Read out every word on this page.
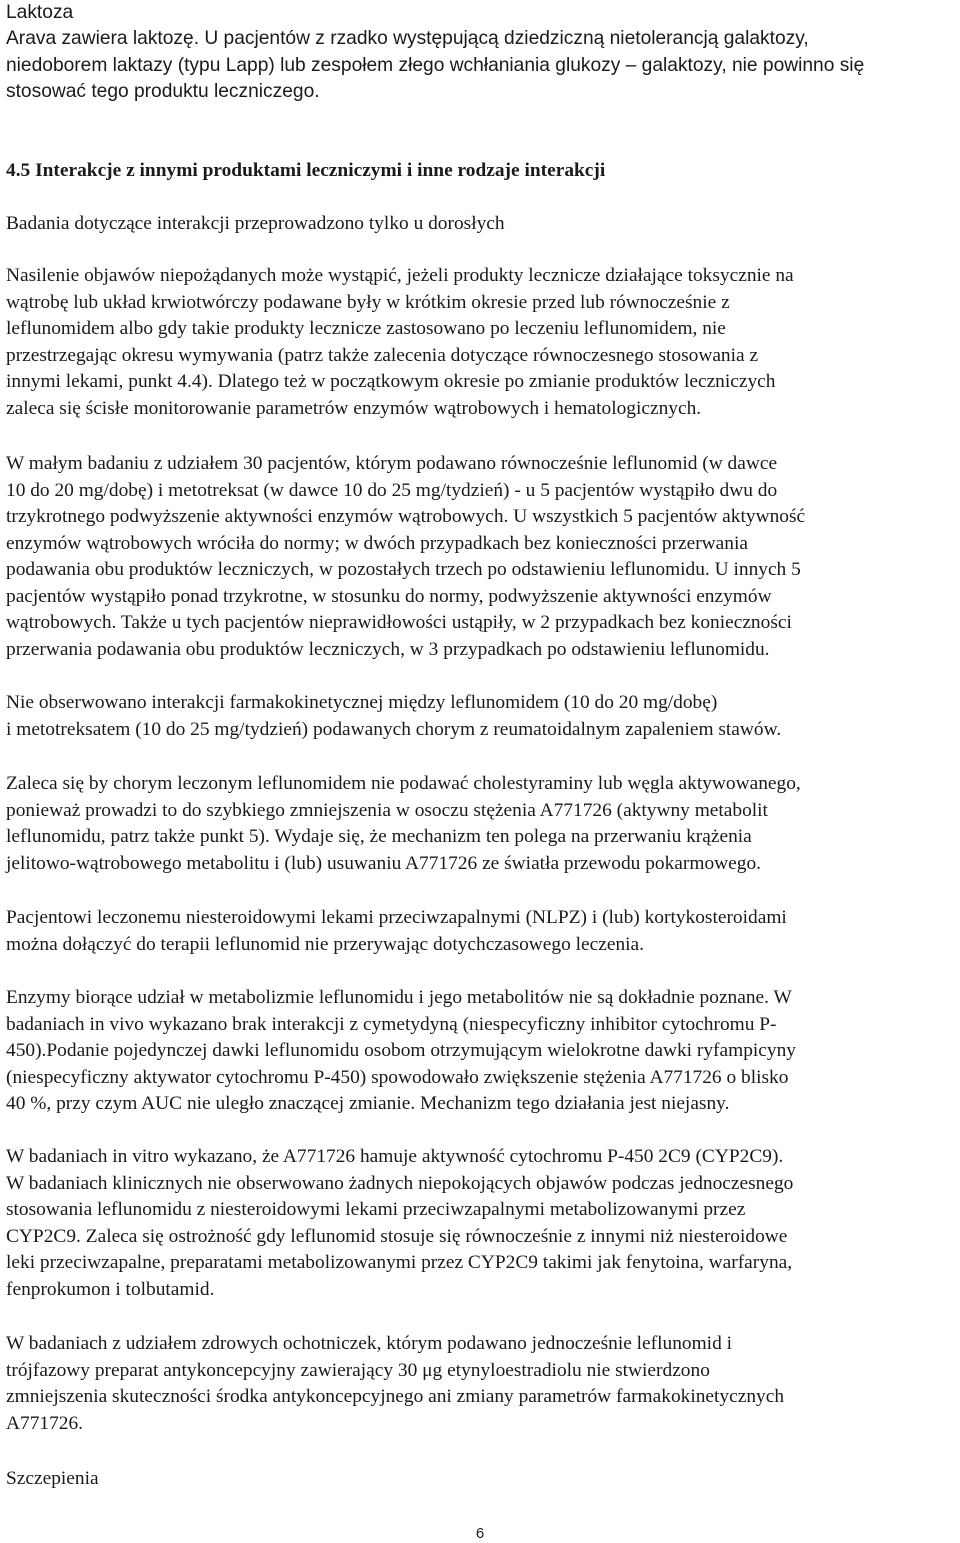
Laktoza
Arava zawiera laktozę. U pacjentów z rzadko występującą dziedziczną nietolerancją galaktozy,
niedoborem laktazy (typu Lapp) lub zespołem złego wchłaniania glukozy – galaktozy, nie powinno się
stosować tego produktu leczniczego.
4.5 Interakcje z innymi produktami leczniczymi i inne rodzaje interakcji
Badania dotyczące interakcji przeprowadzono tylko u dorosłych
Nasilenie objawów niepożądanych może wystąpić, jeżeli produkty lecznicze działające toksycznie na
wątrobę lub układ krwiotwórczy podawane były w krótkim okresie przed lub równocześnie z
leflunomidem albo gdy takie produkty lecznicze zastosowano po leczeniu leflunomidem, nie
przestrzegając okresu wymywania (patrz także zalecenia dotyczące równoczesnego stosowania z
innymi lekami, punkt 4.4). Dlatego też w początkowym okresie po zmianie produktów leczniczych
zaleca się ścisłe monitorowanie parametrów enzymów wątrobowych i hematologicznych.
W małym badaniu z udziałem 30 pacjentów, którym podawano równocześnie leflunomid (w dawce
10 do 20 mg/dobę) i metotreksat (w dawce 10 do 25 mg/tydzień) - u 5 pacjentów wystąpiło dwu do
trzykrotnego podwyższenie aktywności enzymów wątrobowych. U wszystkich 5 pacjentów aktywność
enzymów wątrobowych wróciła do normy; w dwóch przypadkach bez konieczności przerwania
podawania obu produktów leczniczych, w pozostałych trzech po odstawieniu leflunomidu. U innych 5
pacjentów wystąpiło ponad trzykrotne, w stosunku do normy, podwyższenie aktywności enzymów
wątrobowych. Także u tych pacjentów nieprawidłowości ustąpiły, w 2 przypadkach bez konieczności
przerwania podawania obu produktów leczniczych, w 3 przypadkach po odstawieniu leflunomidu.
Nie obserwowano interakcji farmakokinetycznej między leflunomidem (10 do 20 mg/dobę)
i metotreksatem (10 do 25 mg/tydzień) podawanych chorym z reumatoidalnym zapaleniem stawów.
Zaleca się by chorym leczonym leflunomidem nie podawać cholestyraminy lub węgla aktywowanego,
ponieważ prowadzi to do szybkiego zmniejszenia w osoczu stężenia A771726 (aktywny metabolit
leflunomidu, patrz także punkt 5). Wydaje się, że mechanizm ten polega na przerwaniu krążenia
jelitowo-wątrobowego metabolitu i (lub) usuwaniu A771726 ze światła przewodu pokarmowego.
Pacjentowi leczonemu niesteroidowymi lekami przeciwzapalnymi (NLPZ) i (lub) kortykosteroidami
można dołączyć do terapii leflunomid nie przerywając dotychczasowego leczenia.
Enzymy biorące udział w metabolizmie leflunomidu i jego metabolitów nie są dokładnie poznane. W
badaniach in vivo wykazano brak interakcji z cymetydyną (niespecyficzny inhibitor cytochromu P-
450).Podanie pojedynczej dawki leflunomidu osobom otrzymującym wielokrotne dawki ryfampicyny
(niespecyficzny aktywator cytochromu P-450) spowodowało zwiększenie stężenia A771726 o blisko
40 %, przy czym AUC nie uległo znaczącej zmianie. Mechanizm tego działania jest niejasny.
W badaniach in vitro wykazano, że A771726 hamuje aktywność cytochromu P-450 2C9 (CYP2C9).
W badaniach klinicznych nie obserwowano żadnych niepokojących objawów podczas jednoczesnego
stosowania leflunomidu z niesteroidowymi lekami przeciwzapalnymi metabolizowanymi przez
CYP2C9. Zaleca się ostrożność gdy leflunomid stosuje się równocześnie z innymi niż niesteroidowe
leki przeciwzapalne, preparatami metabolizowanymi przez CYP2C9 takimi jak fenytoina, warfaryna,
fenprokumon i tolbutamid.
W badaniach z udziałem zdrowych ochotniczek, którym podawano jednocześnie leflunomid i
trójfazowy preparat antykoncepcyjny zawierający 30 μg etynyloestradiolu nie stwierdzono
zmniejszenia skuteczności środka antykoncepcyjnego ani zmiany parametrów farmakokinetycznych
A771726.
Szczepienia
6
